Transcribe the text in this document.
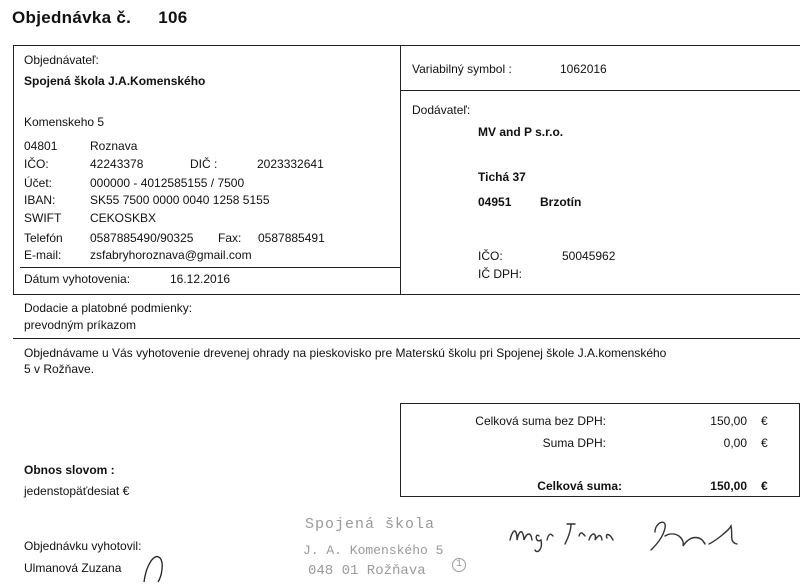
Objednávka č. 106
Objednávateľ:
Spojená škola J.A.Komenského
Komenskeho 5
04801	Roznava
IČO:	42243378	DIČ :	2023332641
Účet:	000000 - 4012585155 / 7500
IBAN:	SK55 7500 0000 0040 1258 5155
SWIFT CEKOSKBX
Telefón 0587885490/90325 Fax: 0587885491
E-mail: zsfabryhoroznava@gmail.com
Dátum vyhotovenia:	16.12.2016
Variabilný symbol :	1062016
Dodávateľ:
MV and P s.r.o.
Tichá 37
04951 Brzotín
IČO:	50045962
IČ DPH:
Dodacie a platobné podmienky:
prevodným príkazom
Objednávame u Vás vyhotovenie drevenej ohrady na pieskovisko pre Materskú školu pri Spojenej škole J.A.komenského
5 v Rožňave.
Celková suma bez DPH:	150,00 €
Suma DPH:	0,00 €
Celková suma:	150,00 €
Obnos slovom :
jedenstopäťdesiat €
Objednávku vyhotovil:
Ulmanová Zuzana
Spojená škola
J. A. Komenského 5
048 01 Rožňava	1
